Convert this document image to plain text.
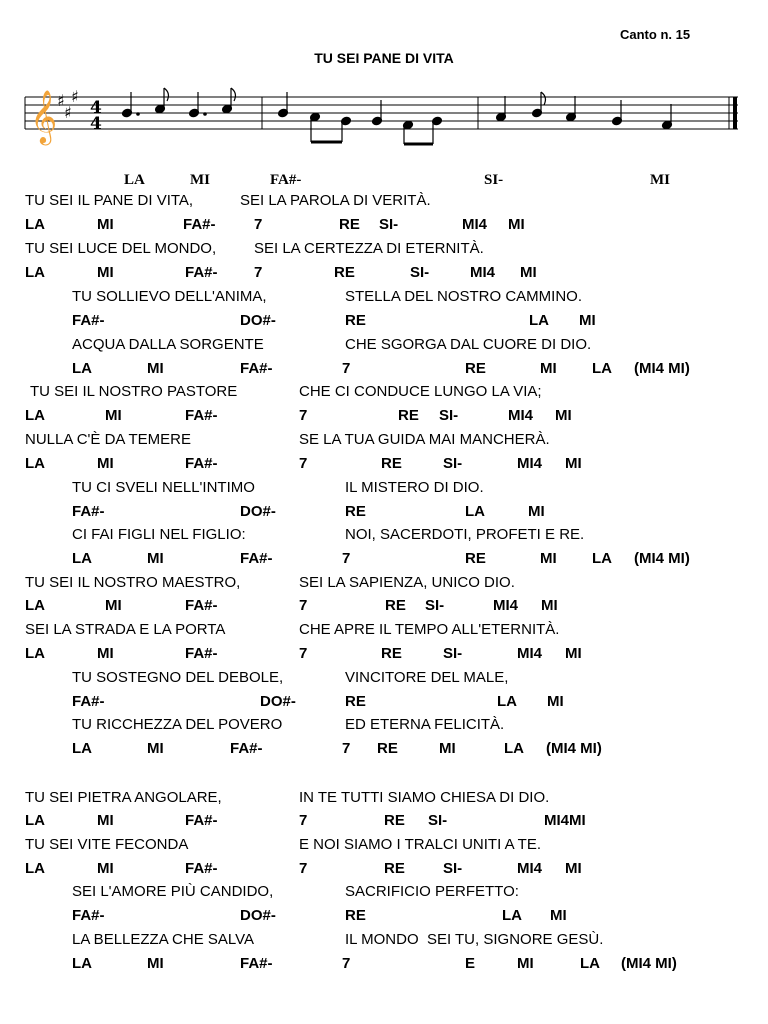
Canto n. 15
TU SEI PANE DI VITA
𝄞 ♯
♯
♯
4
4
LA	MI	FA#-	SI-	MI
TU SEI IL PANE DI VITA,	SEI LA PAROLA DI VERITÀ.
LA	MI	FA#-	7	RE SI-	MI4 MI
TU SEI LUCE DEL MONDO,	SEI LA CERTEZZA DI ETERNITÀ.
LA	MI	FA#- 7	RE	SI-	MI4 MI
TU SOLLIEVO DELL'ANIMA,	STELLA DEL NOSTRO CAMMINO.
FA#-	DO#-	RE	LA MI
ACQUA DALLA SORGENTE	CHE SGORGA DAL CUORE DI DIO.
LA	MI	FA#-	7	RE	MI LA (MI4 MI)
TU SEI IL NOSTRO PASTORE	CHE CI CONDUCE LUNGO LA VIA;
LA	MI	FA#-	7	RE SI-	MI4 MI
NULLA C'È DA TEMERE	SE LA TUA GUIDA MAI MANCHERÀ.
LA	MI	FA#-	7	RE	SI-	MI4 MI
TU CI SVELI NELL'INTIMO	IL MISTERO DI DIO.
FA#-	DO#-	RE	LA	MI
CI FAI FIGLI NEL FIGLIO:	NOI, SACERDOTI, PROFETI E RE.
LA	MI	FA#-	7	RE	MI LA (MI4 MI)
TU SEI IL NOSTRO MAESTRO,	SEI LA SAPIENZA, UNICO DIO.
LA	MI	FA#-	7	RE SI-	MI4 MI
SEI LA STRADA E LA PORTA	CHE APRE IL TEMPO ALL'ETERNITÀ.
LA	MI	FA#-	7	RE	SI-	MI4 MI
TU SOSTEGNO DEL DEBOLE,	VINCITORE DEL MALE,
FA#-	DO#-	RE	LA MI
TU RICCHEZZA DEL POVERO	ED ETERNA FELICITÀ.
LA	MI	FA#-	7 RE	MI	LA (MI4 MI)
TU SEI PIETRA ANGOLARE,	IN TE TUTTI SIAMO CHIESA DI DIO.
LA	MI	FA#-	7	RE SI-	MI4 MI
TU SEI VITE FECONDA	E NOI SIAMO I TRALCI UNITI A TE.
LA	MI	FA#-	7	RE	SI-	MI4 MI
SEI L'AMORE PIÙ CANDIDO,	SACRIFICIO PERFETTO:
FA#-	DO#-	RE	LA MI
LA BELLEZZA CHE SALVA	IL MONDO  SEI TU, SIGNORE GESÙ.
LA	MI	FA#-	7	E	MI	LA (MI4 MI)
